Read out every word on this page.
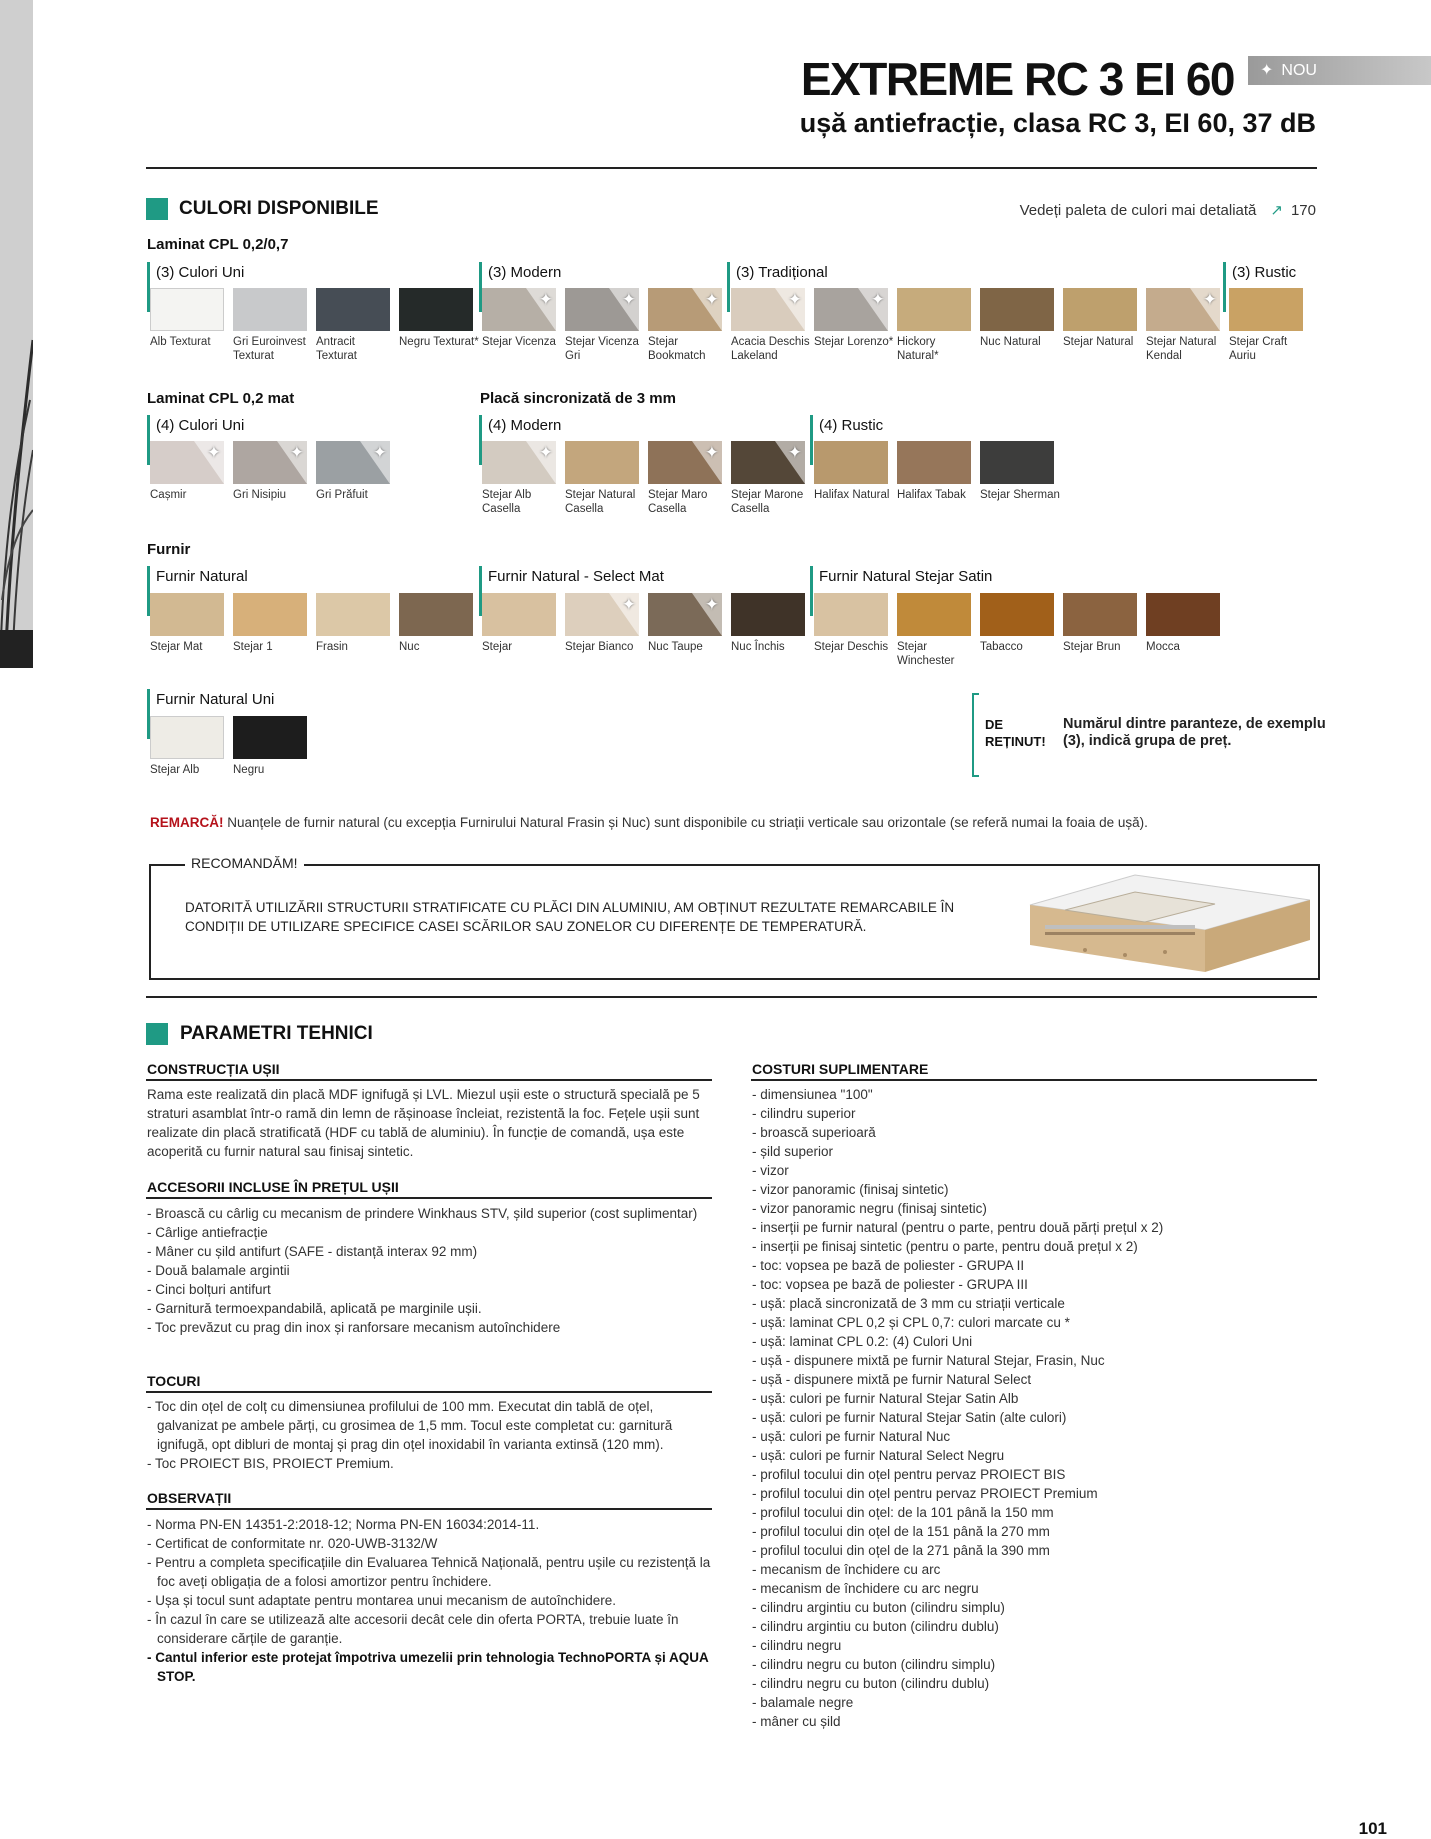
EXTREME RC 3 EI 60	✦ NOU
ușă antiefracție, clasa RC 3, EI 60, 37 dB
CULORI DISPONIBILE	Vedeți paleta de culori mai detaliată ↗ 170
Laminat CPL 0,2/0,7
(3) Culori Uni	(3) Modern	(3) Tradițional	(3) Rustic
Laminat CPL 0,2 mat	Placă sincronizată de 3 mm
(4) Culori Uni	(4) Modern	(4) Rustic
Furnir
Furnir Natural	Furnir Natural - Select Mat	Furnir Natural Stejar Satin
Furnir Natural Uni
Alb Texturat	Gri Euroinvest Texturat
Antracit Texturat
Negru Texturat*
✦
Stejar Vicenza
✦
Stejar Vicenza Gri
✦
Stejar Bookmatch
✦
Acacia Deschis Lakeland
✦
Stejar Lorenzo* Hickory Natural*
Nuc Natural	Stejar Natural
✦
Stejar Natural Kendal
Stejar Craft Auriu
✦
Cașmir
✦
Gri Nisipiu
✦
Gri Prăfuit
✦
Stejar Alb Casella
Stejar Natural Casella
✦
Stejar Maro Casella
✦
Stejar Marone Casella
Halifax Natural Halifax Tabak	Stejar Sherman
Stejar Mat	Stejar 1	Frasin	Nuc	Stejar
✦
Stejar Bianco
✦
Nuc Taupe	Nuc Închis	Stejar Deschis Stejar Winchester
Tabacco	Stejar Brun	Mocca
Stejar Alb	Negru
DE
REȚINUT!
Numărul dintre paranteze, de exemplu (3), indică grupa de preț.
REMARCĂ! Nuanțele de furnir natural (cu excepția Furnirului Natural Frasin și Nuc) sunt disponibile cu striații verticale sau orizontale (se referă numai la foaia de ușă).
RECOMANDĂM!
DATORITĂ UTILIZĂRII STRUCTURII STRATIFICATE CU PLĂCI DIN ALUMINIU, AM OBȚINUT REZULTATE REMARCABILE ÎN CONDIȚII DE UTILIZARE SPECIFICE CASEI SCĂRILOR SAU ZONELOR CU DIFERENȚE DE TEMPERATURĂ.
PARAMETRI TEHNICI
CONSTRUCȚIA UȘII
Rama este realizată din placă MDF ignifugă și LVL. Miezul ușii este o structură specială pe 5 straturi asamblat într-o ramă din lemn de rășinoase încleiat, rezistentă la foc. Fețele ușii sunt realizate din placă stratificată (HDF cu tablă de aluminiu). În funcție de comandă, ușa este acoperită cu furnir natural sau finisaj sintetic.
ACCESORII INCLUSE ÎN PREȚUL UȘII
- Broască cu cârlig cu mecanism de prindere Winkhaus STV, șild superior (cost suplimentar)
- Cârlige antiefracție
- Mâner cu șild antifurt (SAFE - distanță interax 92 mm)
- Două balamale argintii
- Cinci bolțuri antifurt
- Garnitură termoexpandabilă, aplicată pe marginile ușii.
- Toc prevăzut cu prag din inox și ranforsare mecanism autoînchidere
TOCURI
- Toc din oțel de colț cu dimensiunea profilului de 100 mm. Executat din tablă de oțel, galvanizat pe ambele părți, cu grosimea de 1,5 mm. Tocul este completat cu: garnitură ignifugă, opt dibluri de montaj și prag din oțel inoxidabil în varianta extinsă (120 mm).
- Toc PROIECT BIS, PROIECT Premium.
OBSERVAȚII
- Norma PN-EN 14351-2:2018-12; Norma PN-EN 16034:2014-11.
- Certificat de conformitate nr. 020-UWB-3132/W
- Pentru a completa specificațiile din Evaluarea Tehnică Națională, pentru ușile cu rezistență la foc aveți obligația de a folosi amortizor pentru închidere.
- Ușa și tocul sunt adaptate pentru montarea unui mecanism de autoînchidere.
- În cazul în care se utilizează alte accesorii decât cele din oferta PORTA, trebuie luate în considerare cărțile de garanție.
- Cantul inferior este protejat împotriva umezelii prin tehnologia TechnoPORTA și AQUA STOP.
COSTURI SUPLIMENTARE
- dimensiunea "100"
- cilindru superior
- broască superioară
- șild superior
- vizor
- vizor panoramic (finisaj sintetic)
- vizor panoramic negru (finisaj sintetic)
- inserții pe furnir natural (pentru o parte, pentru două părți prețul x 2)
- inserții pe finisaj sintetic (pentru o parte, pentru două prețul x 2)
- toc: vopsea pe bază de poliester - GRUPA II
- toc: vopsea pe bază de poliester - GRUPA III
- ușă: placă sincronizată de 3 mm cu striații verticale
- ușă: laminat CPL 0,2 și CPL 0,7: culori marcate cu *
- ușă: laminat CPL 0.2: (4) Culori Uni
- ușă - dispunere mixtă pe furnir Natural Stejar, Frasin, Nuc
- ușă - dispunere mixtă pe furnir Natural Select
- ușă: culori pe furnir Natural Stejar Satin Alb
- ușă: culori pe furnir Natural Stejar Satin (alte culori)
- ușă: culori pe furnir Natural Nuc
- ușă: culori pe furnir Natural Select Negru
- profilul tocului din oțel pentru pervaz PROIECT BIS
- profilul tocului din oțel pentru pervaz PROIECT Premium
- profilul tocului din oțel: de la 101 până la 150 mm
- profilul tocului din oțel de la 151 până la 270 mm
- profilul tocului din oțel de la 271 până la 390 mm
- mecanism de închidere cu arc
- mecanism de închidere cu arc negru
- cilindru argintiu cu buton (cilindru simplu)
- cilindru argintiu cu buton (cilindru dublu)
- cilindru negru
- cilindru negru cu buton (cilindru simplu)
- cilindru negru cu buton (cilindru dublu)
- balamale negre
- mâner cu șild
101
